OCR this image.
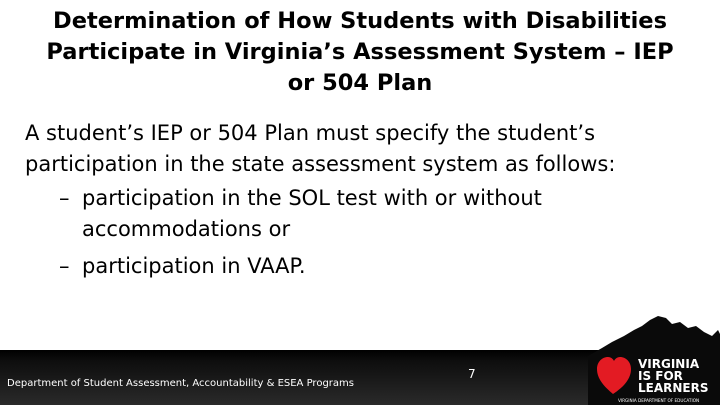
Determination of How Students with Disabilities
Participate in Virginia’s Assessment System – IEP
or 504 Plan

A student’s IEP or 504 Plan must specify the student’s
participation in the state assessment system as follows:

– participation in the SOL test with or without
accommodations or
– participation in VAAP.
Department of Student Assessment, Accountability & ESEA Programs
7
VIRGINIA
IS FOR
LEARNERS
VIRGINIA DEPARTMENT OF EDUCATION
